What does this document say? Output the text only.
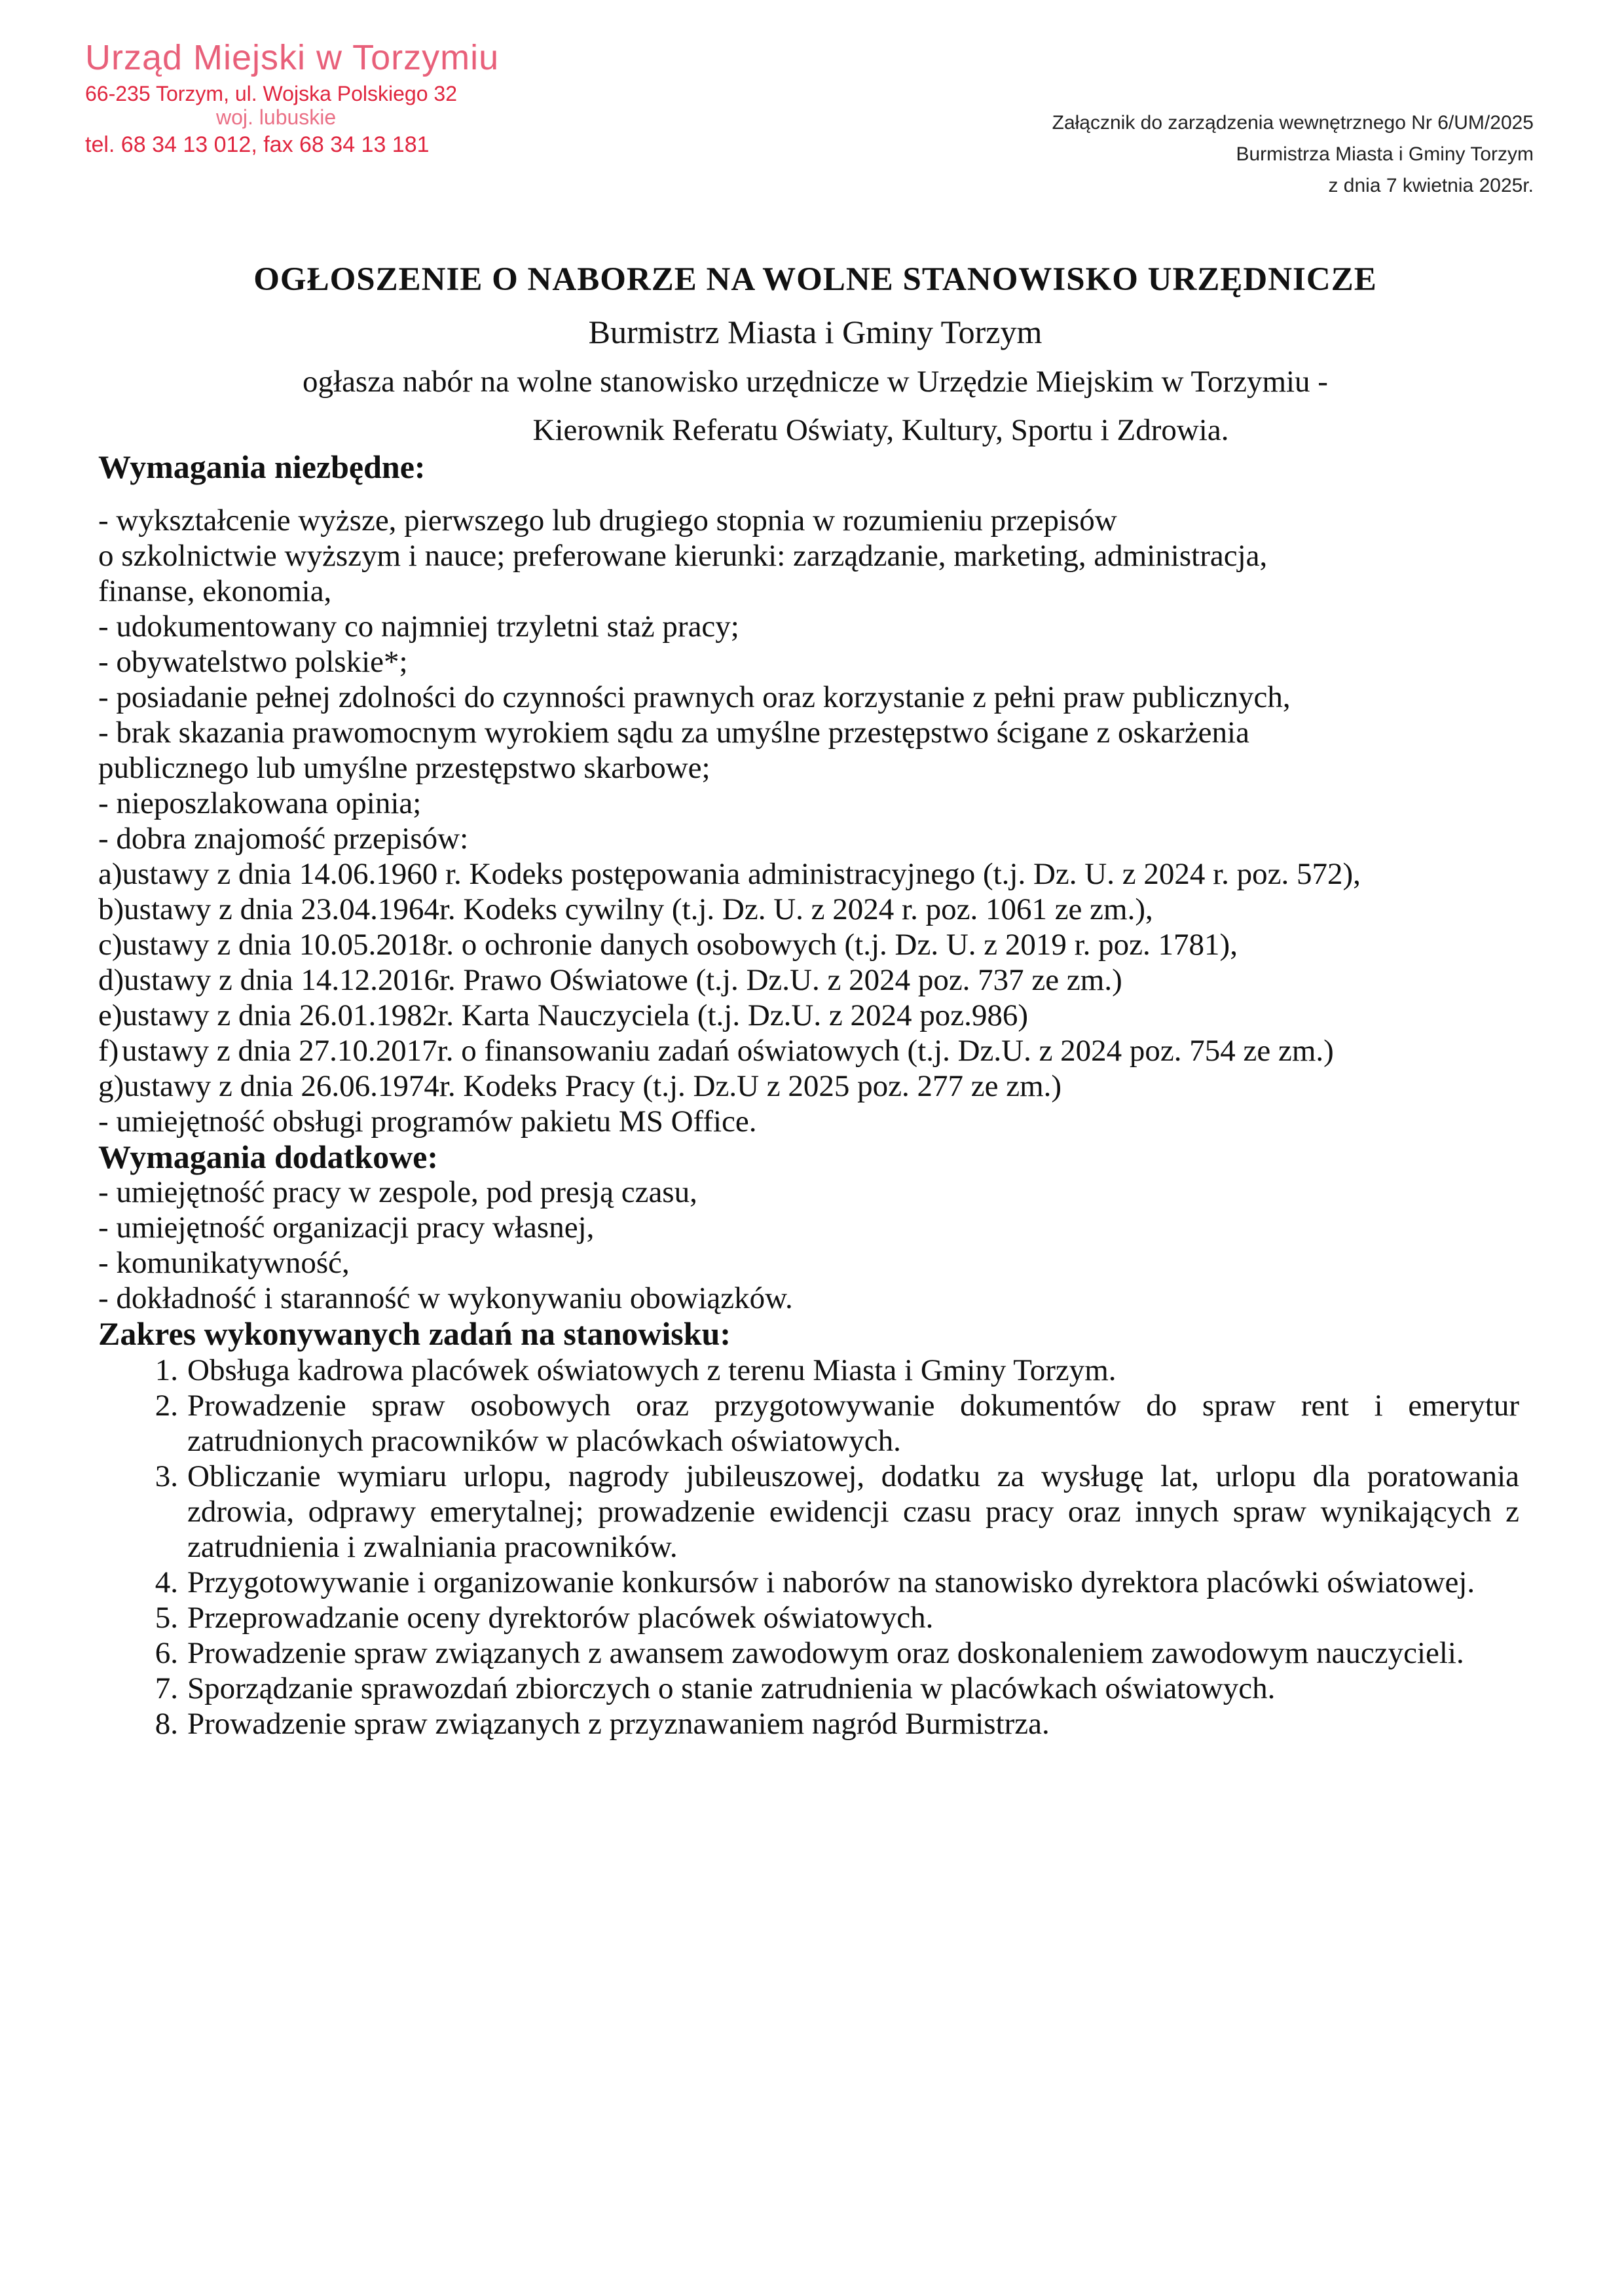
Urząd Miejski w Torzymiu
66-235 Torzym, ul. Wojska Polskiego 32
woj. lubuskie
tel. 68 34 13 012, fax 68 34 13 181
Załącznik do zarządzenia wewnętrznego Nr 6/UM/2025
Burmistrza Miasta i Gminy Torzym
z dnia 7 kwietnia 2025r.

OGŁOSZENIE O NABORZE NA WOLNE STANOWISKO URZĘDNICZE

Burmistrz Miasta i Gminy Torzym

ogłasza nabór na wolne stanowisko urzędnicze w Urzędzie Miejskim w Torzymiu -

Kierownik Referatu Oświaty, Kultury, Sportu i Zdrowia.

Wymagania niezbędne:

- wykształcenie wyższe, pierwszego lub drugiego stopnia w rozumieniu przepisów

o szkolnictwie wyższym i nauce; preferowane kierunki: zarządzanie, marketing, administracja,

finanse, ekonomia,

- udokumentowany co najmniej trzyletni staż pracy;

- obywatelstwo polskie*;

- posiadanie pełnej zdolności do czynności prawnych oraz korzystanie z pełni praw publicznych,

- brak skazania prawomocnym wyrokiem sądu za umyślne przestępstwo ścigane z oskarżenia

publicznego lub umyślne przestępstwo skarbowe;

- nieposzlakowana opinia;

- dobra znajomość przepisów:

a) ustawy z dnia 14.06.1960 r. Kodeks postępowania administracyjnego (t.j. Dz. U. z 2024 r. poz. 572),
b) ustawy z dnia 23.04.1964r. Kodeks cywilny (t.j. Dz. U. z 2024 r. poz. 1061 ze zm.),
c) ustawy z dnia 10.05.2018r. o ochronie danych osobowych (t.j. Dz. U. z 2019 r. poz. 1781),
d) ustawy z dnia 14.12.2016r. Prawo Oświatowe (t.j. Dz.U. z 2024 poz. 737 ze zm.)
e) ustawy z dnia 26.01.1982r. Karta Nauczyciela (t.j. Dz.U. z 2024 poz.986)
f) ustawy z dnia 27.10.2017r. o finansowaniu zadań oświatowych (t.j. Dz.U. z 2024 poz. 754 ze zm.)
g) ustawy z dnia 26.06.1974r. Kodeks Pracy (t.j. Dz.U z 2025 poz. 277 ze zm.)

- umiejętność obsługi programów pakietu MS Office.

Wymagania dodatkowe:

- umiejętność pracy w zespole, pod presją czasu,

- umiejętność organizacji pracy własnej,

- komunikatywność,

- dokładność i staranność w wykonywaniu obowiązków.

Zakres wykonywanych zadań na stanowisku:

1. Obsługa kadrowa placówek oświatowych z terenu Miasta i Gminy Torzym.
2. Prowadzenie spraw osobowych oraz przygotowywanie dokumentów do spraw rent i emerytur zatrudnionych pracowników w placówkach oświatowych.
3. Obliczanie wymiaru urlopu, nagrody jubileuszowej, dodatku za wysługę lat, urlopu dla poratowania zdrowia, odprawy emerytalnej; prowadzenie ewidencji czasu pracy oraz innych spraw wynikających z zatrudnienia i zwalniania pracowników.
4. Przygotowywanie i organizowanie konkursów i naborów na stanowisko dyrektora placówki oświatowej.
5. Przeprowadzanie oceny dyrektorów placówek oświatowych.
6. Prowadzenie spraw związanych z awansem zawodowym oraz doskonaleniem zawodowym nauczycieli.
7. Sporządzanie sprawozdań zbiorczych o stanie zatrudnienia w placówkach oświatowych.
8. Prowadzenie spraw związanych z przyznawaniem nagród Burmistrza.
